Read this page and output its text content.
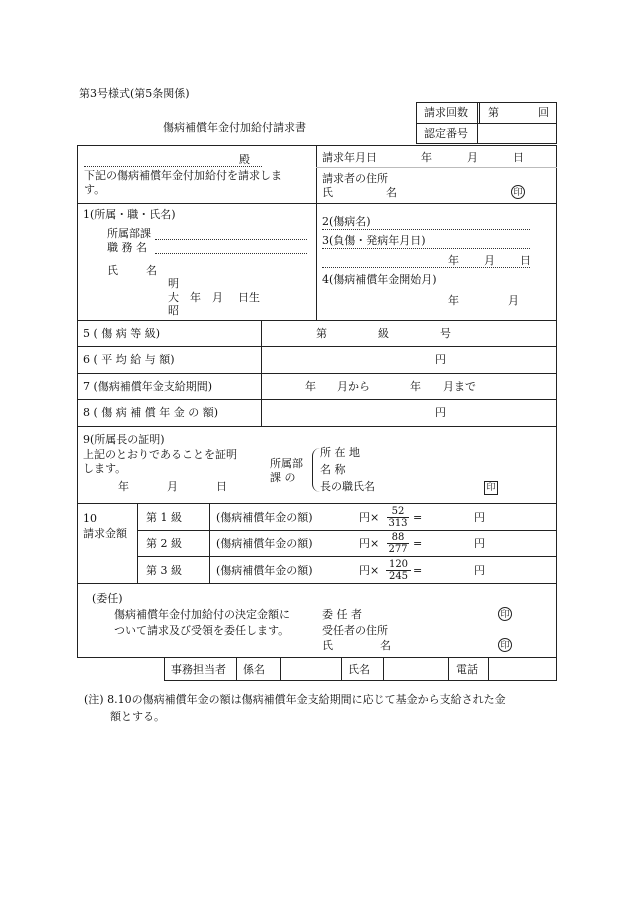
第3号様式(第5条関係)
傷病補償年金付加給付請求書
請求回数 第	回
認定番号
殿
下記の傷病補償年金付加給付を請求しま
す。
請求年月日	年	月	日
請求者の住所
氏	名	印
1(所属・職・氏名)
所属部課
職 務 名
氏	名
明
大 年 月 日生
昭
2(傷病名)
3(負傷・発病年月日)
年 月 日
4(傷病補償年金開始月)
年	月
5 ( 傷 病 等 級)	第	級	号
6 ( 平 均 給 与 額)	円
7 (傷病補償年金支給期間)	年 月から	年 月まで
8 ( 傷 病 補 償 年 金 の 額)	円
9(所属長の証明)
上記のとおりであることを証明
します。
年	月	日
所属部
課 の
所 在 地
名 称
長の職氏名	印
10
請求金額
第 1 級	(傷病補償年金の額)	円× $\frac{52}{313}$ =	円
第 2 級	(傷病補償年金の額)	円× $\frac{88}{277}$ =	円
第 3 級	(傷病補償年金の額)	円× $\frac{120}{245}$ =	円
(委任)
傷病補償年金付加給付の決定金額に
ついて請求及び受領を委任します。
委 任 者	印
受任者の住所
氏	名	印
事務担当者 係名	氏名	電話
(注) 8.10の傷病補償年金の額は傷病補償年金支給期間に応じて基金から支給された金
額とする。
